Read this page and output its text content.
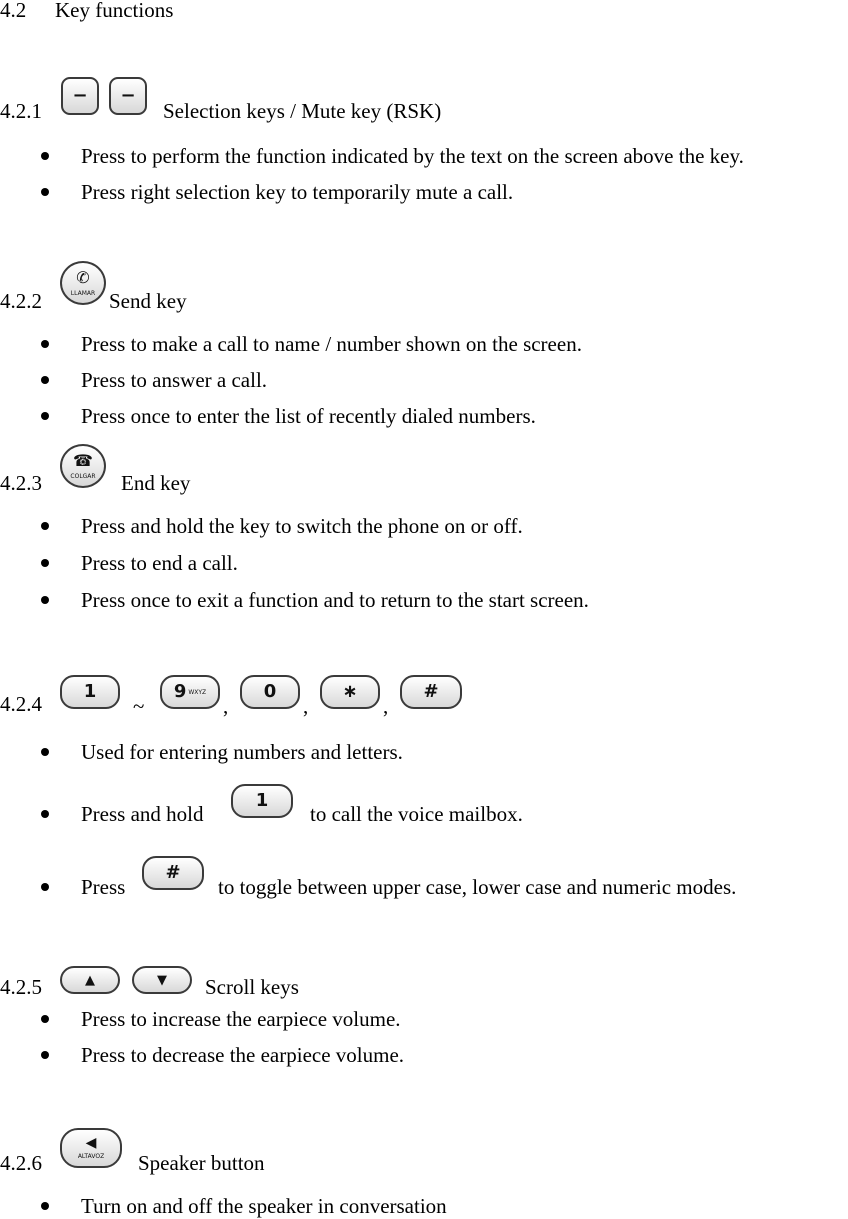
4.2 Key functions
4.2.1
− −
Selection keys / Mute key (RSK)
Press to perform the function indicated by the text on the screen above the key.
Press right selection key to temporarily mute a call.
4.2.2
✆
LLAMAR Send key
Press to make a call to name / number shown on the screen.
Press to answer a call.
Press once to enter the list of recently dialed numbers.
4.2.3
☎
COLGAR	End key
Press and hold the key to switch the phone on or off.
Press to end a call.
Press once to exit a function and to return to the start screen.
4.2.4
1
~
9 WXYZ
,
0
,
∗
,
#
Used for entering numbers and letters.
Press and hold
1
to call the voice mailbox.
Press
#
to toggle between upper case, lower case and numeric modes.
4.2.5	▲	▼ Scroll keys
Press to increase the earpiece volume.
Press to decrease the earpiece volume.
4.2.6
◀
ALTAVOZ	Speaker button
Turn on and off the speaker in conversation
